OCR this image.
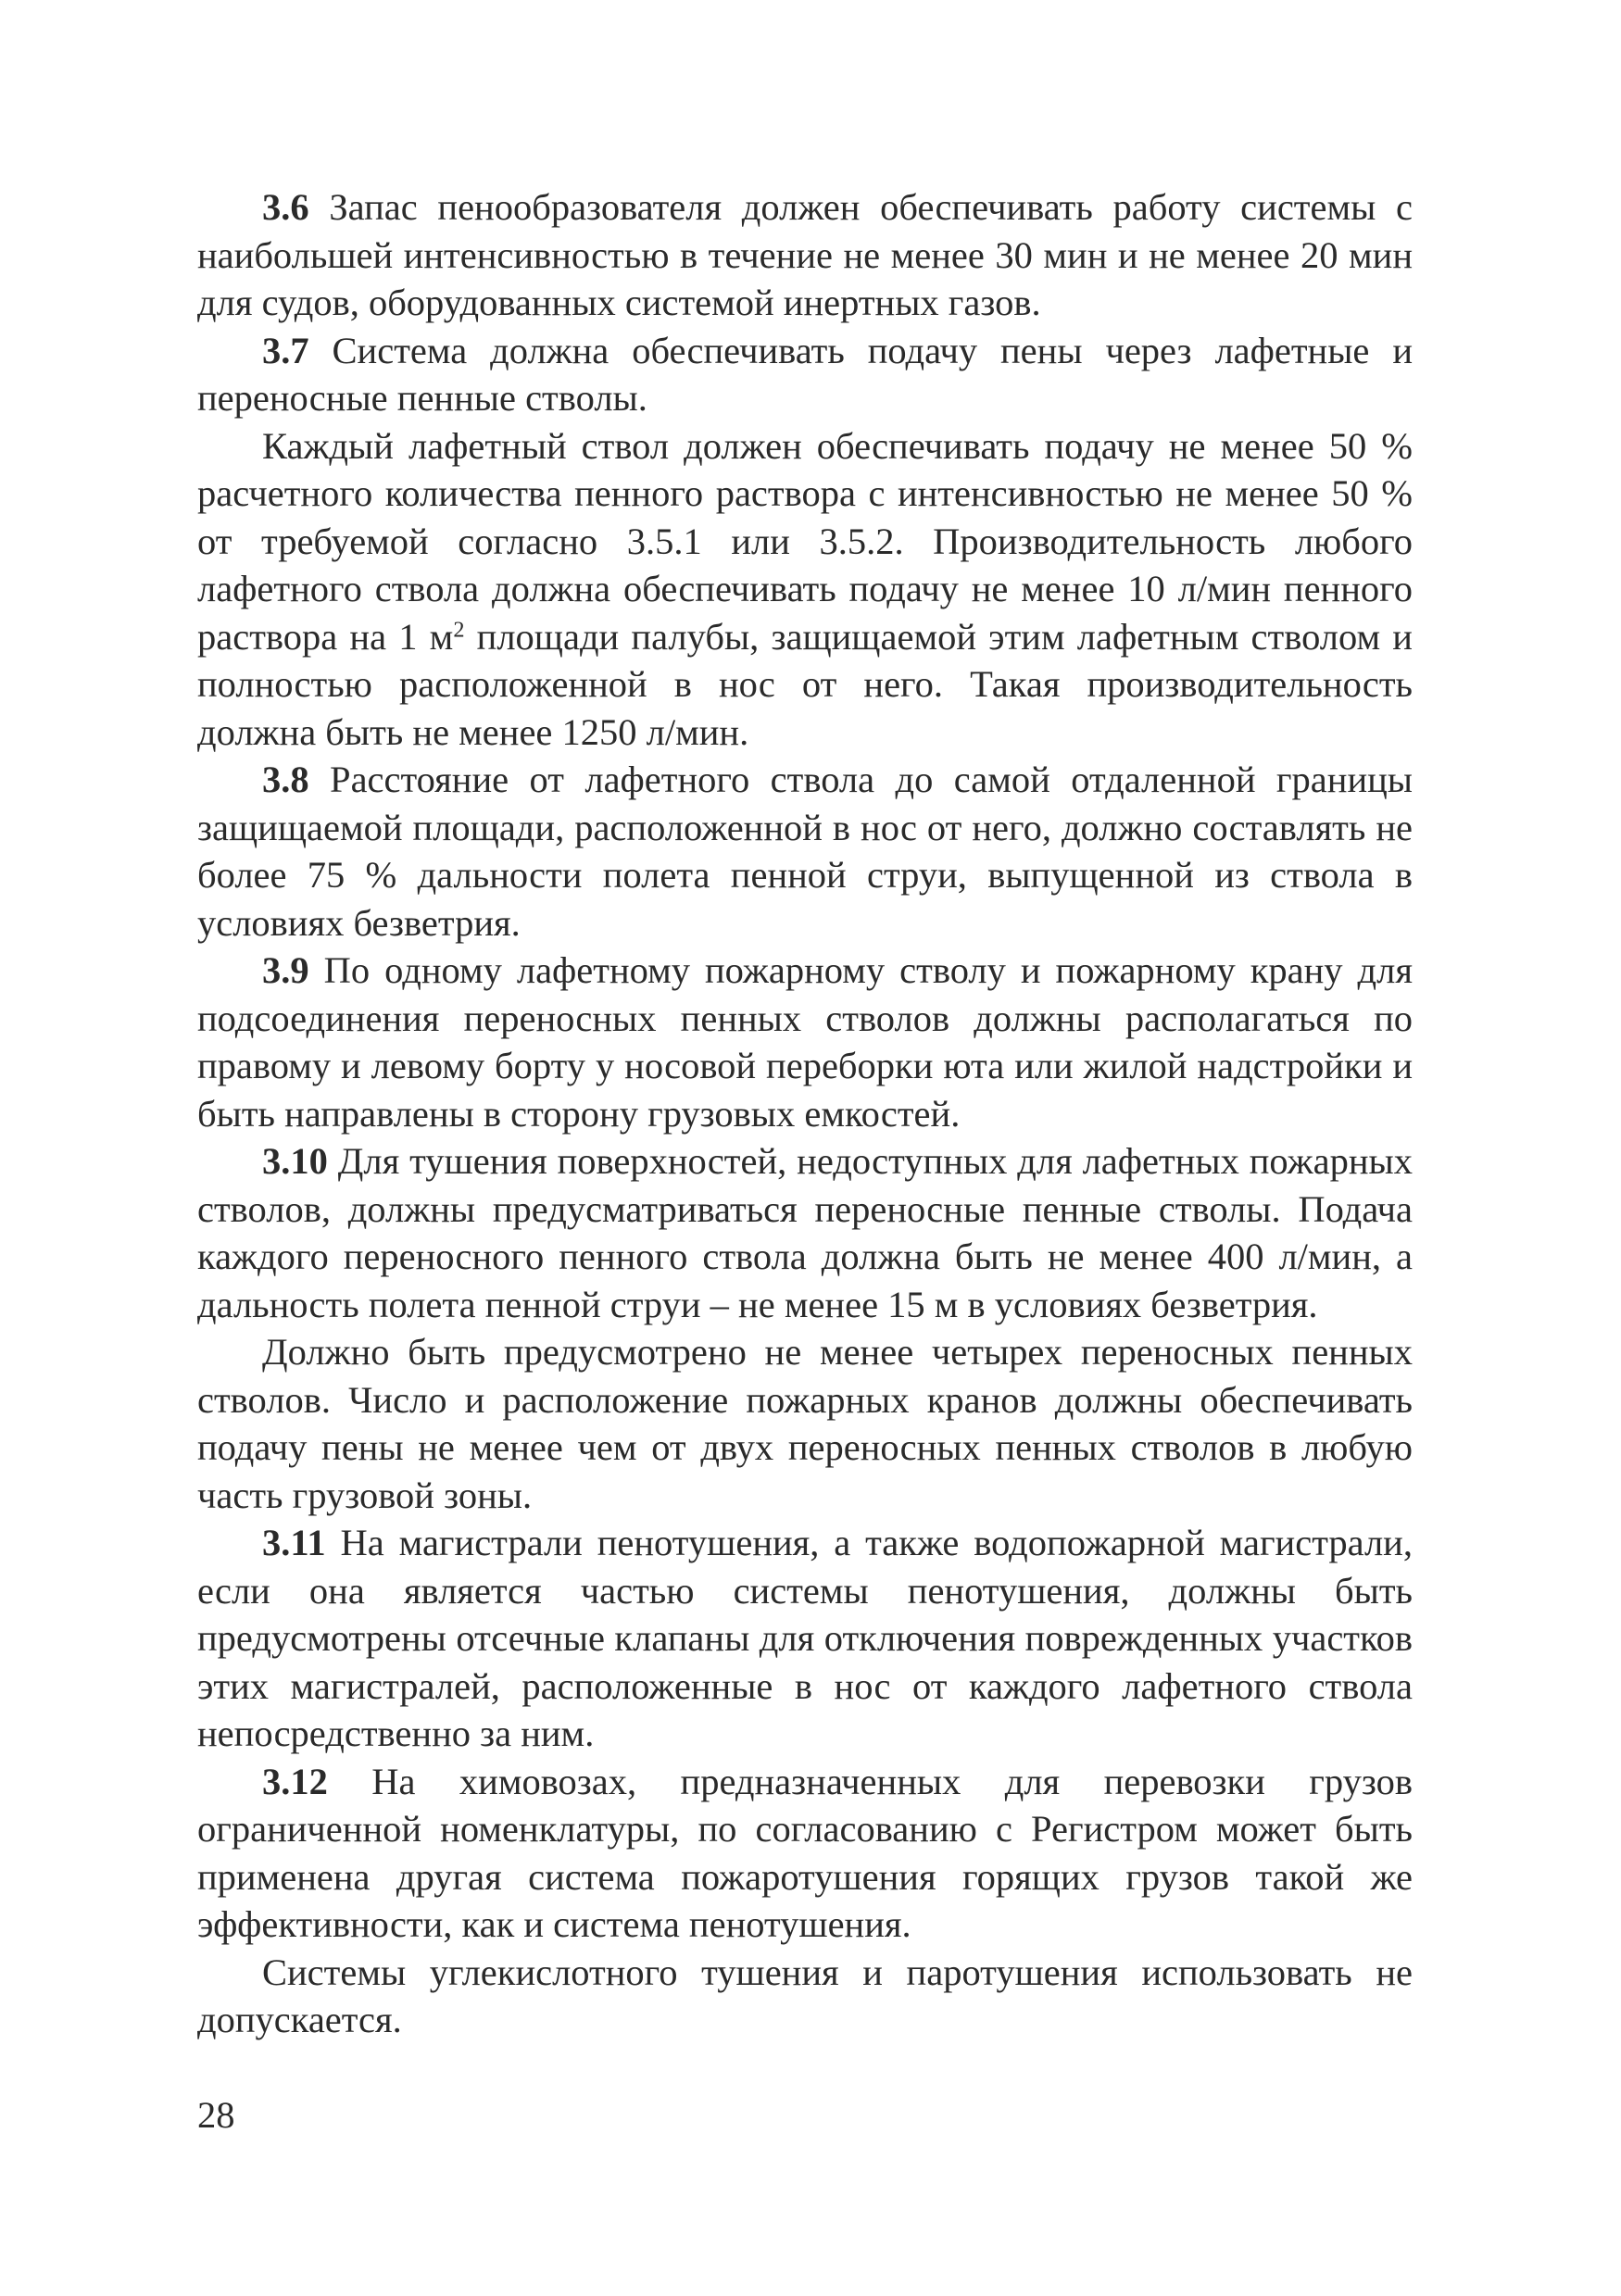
3.6 Запас пенообразователя должен обеспечивать работу системы с наибольшей интенсивностью в течение не менее 30 мин и не менее 20 мин для судов, оборудованных системой инертных газов.

3.7 Система должна обеспечивать подачу пены через лафетные и переносные пенные стволы.

Каждый лафетный ствол должен обеспечивать подачу не менее 50 % расчетного количества пенного раствора с интенсивностью не менее 50 % от требуемой согласно 3.5.1 или 3.5.2. Производительность любого лафетного ствола должна обеспечивать подачу не менее 10 л/мин пенного раствора на 1 $м^2$ площади палубы, защищаемой этим лафетным стволом и полностью расположенной в нос от него. Такая производительность должна быть не менее 1250 л/мин.

3.8 Расстояние от лафетного ствола до самой отдаленной границы защищаемой площади, расположенной в нос от него, должно составлять не более 75 % дальности полета пенной струи, выпущенной из ствола в условиях безветрия.

3.9 По одному лафетному пожарному стволу и пожарному крану для подсоединения переносных пенных стволов должны располагаться по правому и левому борту у носовой переборки юта или жилой надстройки и быть направлены в сторону грузовых емкостей.

3.10 Для тушения поверхностей, недоступных для лафетных пожарных стволов, должны предусматриваться переносные пенные стволы. Подача каждого переносного пенного ствола должна быть не менее 400 л/мин, а дальность полета пенной струи – не менее 15 м в условиях безветрия.

Должно быть предусмотрено не менее четырех переносных пенных стволов. Число и расположение пожарных кранов должны обеспечивать подачу пены не менее чем от двух переносных пенных стволов в любую часть грузовой зоны.

3.11 На магистрали пенотушения, а также водопожарной магистрали, если она является частью системы пенотушения, должны быть предусмотрены отсечные клапаны для отключения поврежденных участков этих магистралей, расположенные в нос от каждого лафетного ствола непосредственно за ним.

3.12 На химовозах, предназначенных для перевозки грузов ограниченной номенклатуры, по согласованию с Регистром может быть применена другая система пожаротушения горящих грузов такой же эффективности, как и система пенотушения.

Системы углекислотного тушения и паротушения использовать не допускается.

28
